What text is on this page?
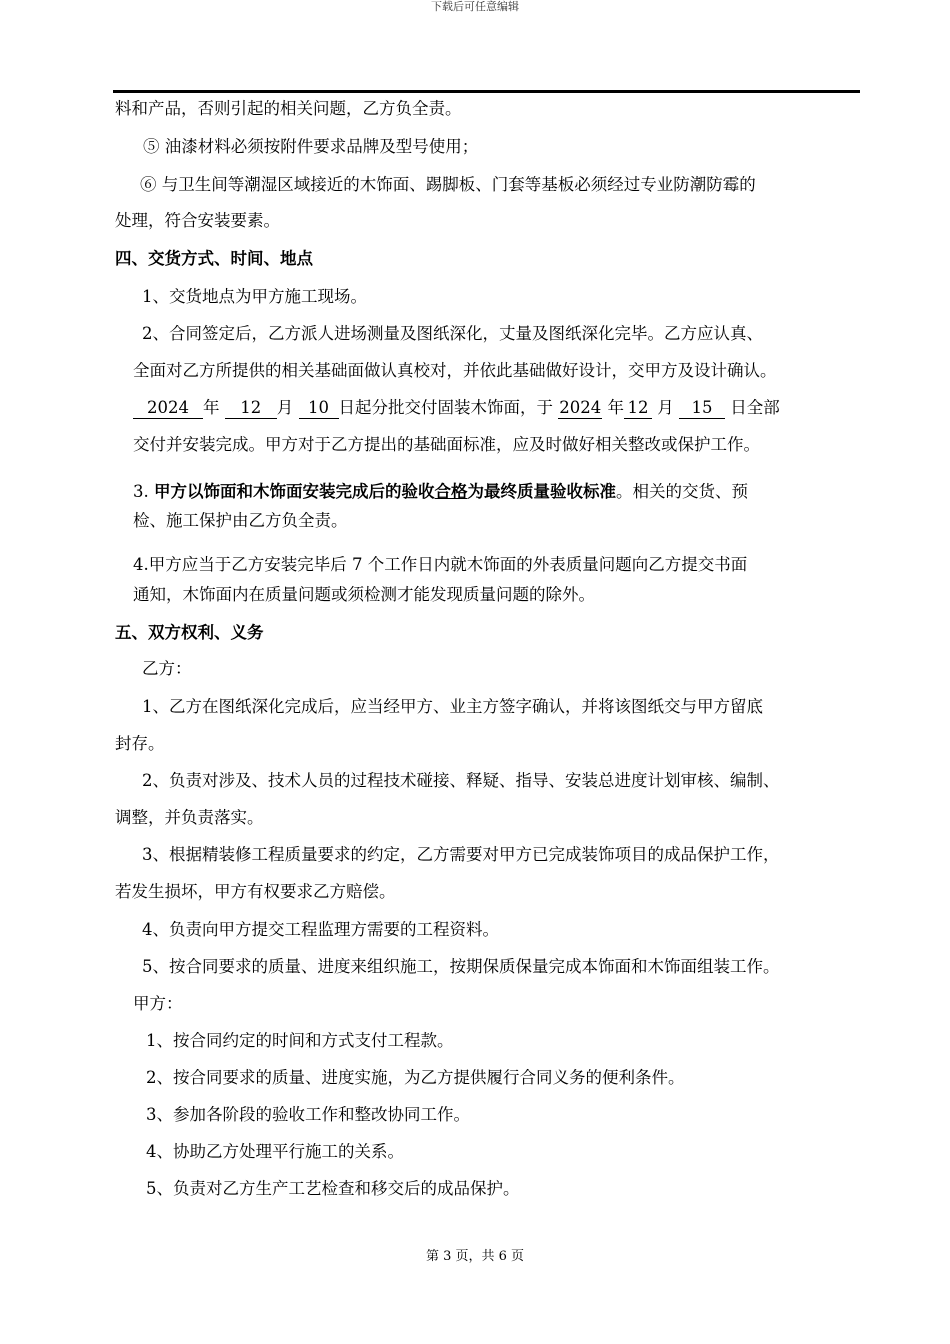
下载后可任意编辑
料和产品，否则引起的相关问题，乙方负全责。
⑤ 油漆材料必须按附件要求品牌及型号使用；
⑥ 与卫生间等潮湿区域接近的木饰面、踢脚板、门套等基板必须经过专业防潮防霉的
处理，符合安装要素。
四、交货方式、时间、地点
1、交货地点为甲方施工现场。
2、合同签定后，乙方派人进场测量及图纸深化，丈量及图纸深化完毕。乙方应认真、
全面对乙方所提供的相关基础面做认真校对，并依此基础做好设计，交甲方及设计确认。
2024 年 12 月 10 日起分批交付固装木饰面，于 2024 年 12 月 15 日全部
交付并安装完成。甲方对于乙方提出的基础面标准，应及时做好相关整改或保护工作。
3. 甲方以饰面和木饰面安装完成后的验收合格为最终质量验收标准。相关的交货、预
检、施工保护由乙方负全责。
4.甲方应当于乙方安装完毕后 7 个工作日内就木饰面的外表质量问题向乙方提交书面
通知，木饰面内在质量问题或须检测才能发现质量问题的除外。
五、双方权利、义务
乙方：
1、乙方在图纸深化完成后，应当经甲方、业主方签字确认，并将该图纸交与甲方留底
封存。
2、负责对涉及、技术人员的过程技术碰接、释疑、指导、安装总进度计划审核、编制、
调整，并负责落实。
3、根据精装修工程质量要求的约定，乙方需要对甲方已完成装饰项目的成品保护工作，
若发生损坏，甲方有权要求乙方赔偿。
4、负责向甲方提交工程监理方需要的工程资料。
5、按合同要求的质量、进度来组织施工，按期保质保量完成本饰面和木饰面组装工作。
甲方：
1、按合同约定的时间和方式支付工程款。
2、按合同要求的质量、进度实施，为乙方提供履行合同义务的便利条件。
3、参加各阶段的验收工作和整改协同工作。
4、协助乙方处理平行施工的关系。
5、负责对乙方生产工艺检查和移交后的成品保护。
第 3 页，共 6 页
